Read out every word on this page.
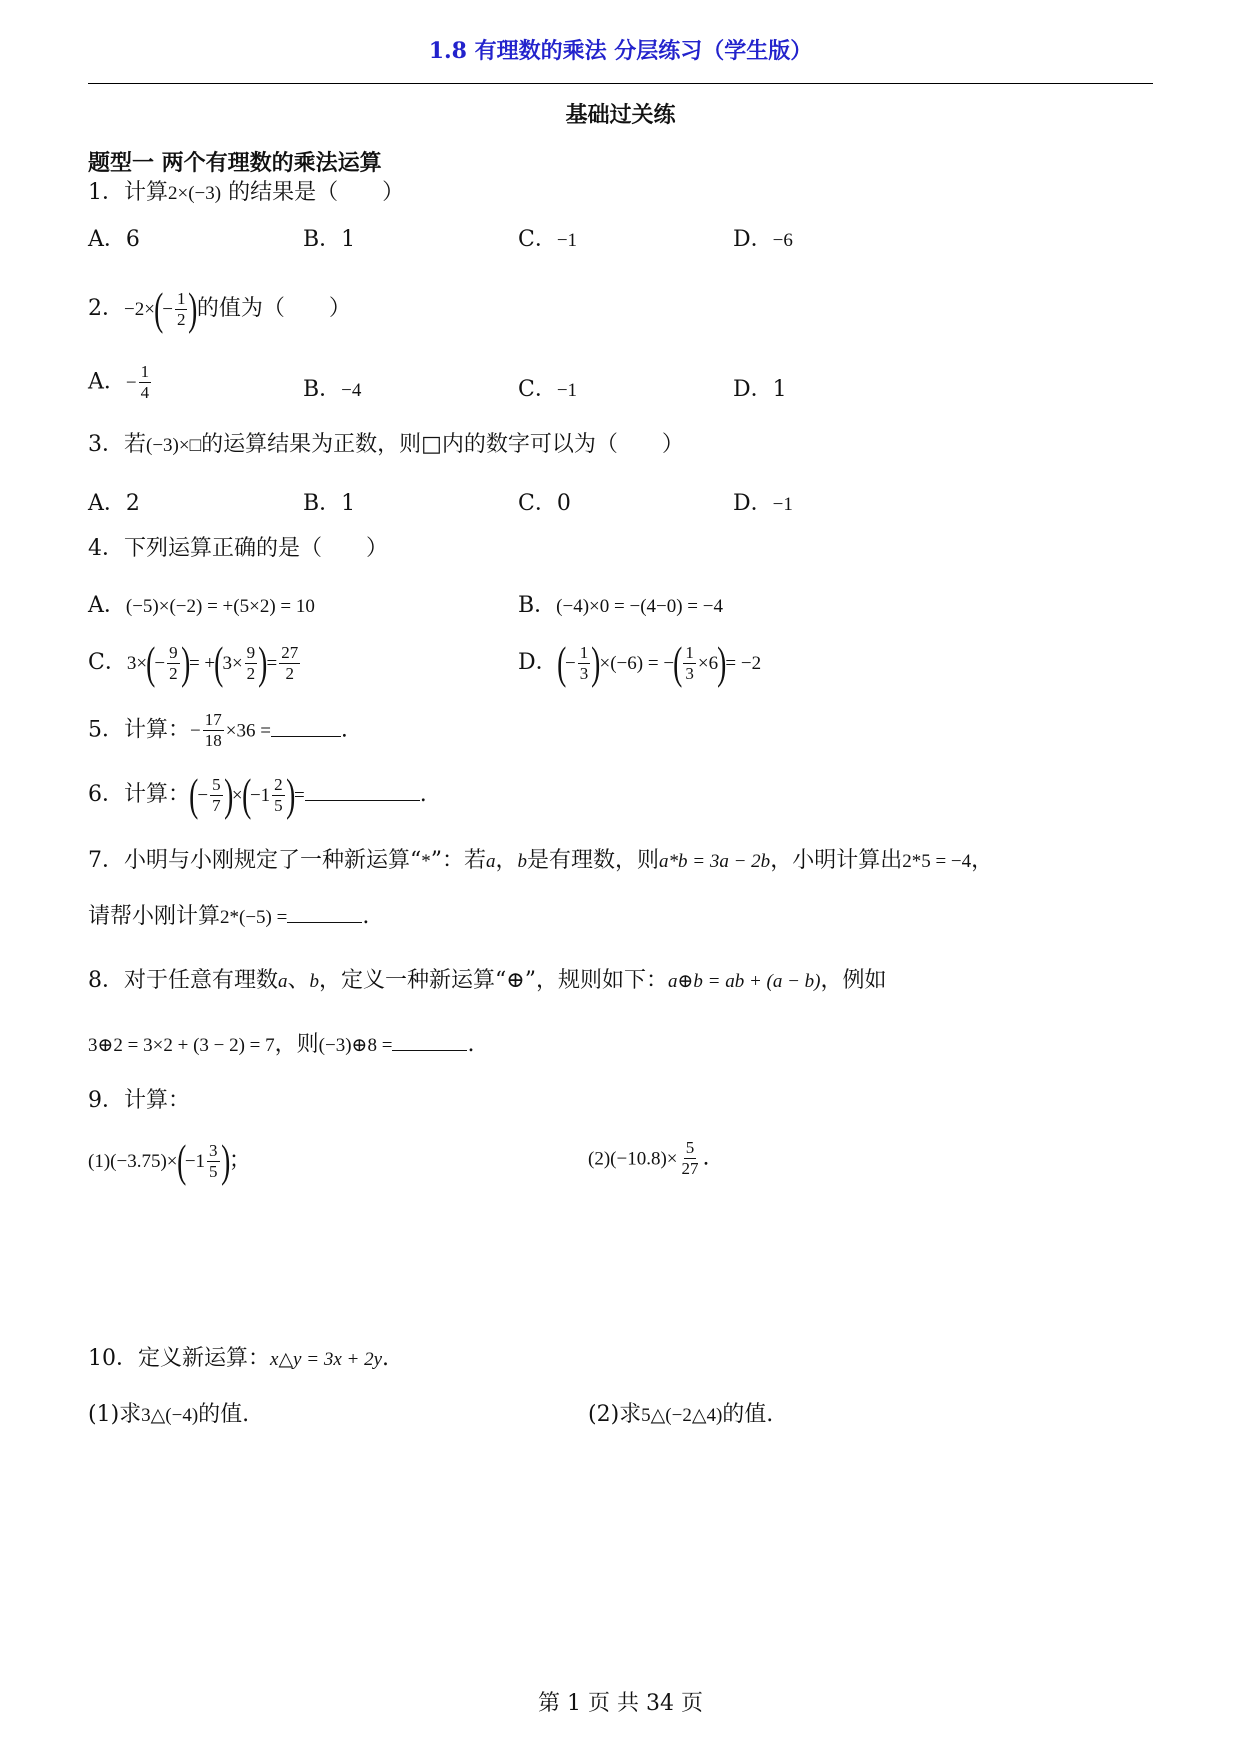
1.8 有理数的乘法 分层练习（学生版）
基础过关练
题型一 两个有理数的乘法运算
1．计算2×(−3) 的结果是（　　）
A．6	B．1	C．−1	D．−6
2．$-2\times(- \frac{1}{2}$ )的值为（　　）
A．− $\frac{1}{4}$	B．−4	C．−1	D．1
3．若(−3)×□的运算结果为正数，则□内的数字可以为（　　）
A．2	B．1	C．0	D．−1
4．下列运算正确的是（　　）
A．(−5)×(−2) = +(5×2) = 10	B．(−4)×0 = −(4−0) = −4
C．$3\times(- \frac{9}{2}$ )= $+(3\times \frac{9}{2}$ )= $\frac{27}{2}$	D．(− $\frac{1}{3} )\times(-6)$ = −( $\frac{1}{3} \times 6)= -2$
5．计算：− $\frac{17}{18} \times 36$ =	.
6．计算：(− $\frac{5}{7} )\times(-1 \frac{2}{5}$ )=	.
7．小明与小刚规定了一种新运算“*”：若a，b是有理数，则a*b = 3a − 2b，小明计算出2*5 = −4，
请帮小刚计算2*(−5) =	.
8．对于任意有理数a、b，定义一种新运算“⊕”，规则如下：a⊕b = ab + (a − b)，例如
3⊕2 = 3×2 + (3 − 2) = 7，则(−3)⊕8 =	.
9．计算：
$(1)(-3.75)\times(-1 \frac{3}{5}$ )；	$(2)(-10.8)\times \frac{5}{27}$ .
10．定义新运算：x△y = 3x + 2y.
(1)求3△(−4)的值.	(2)求5△(−2△4)的值.
第 1 页 共 34 页
